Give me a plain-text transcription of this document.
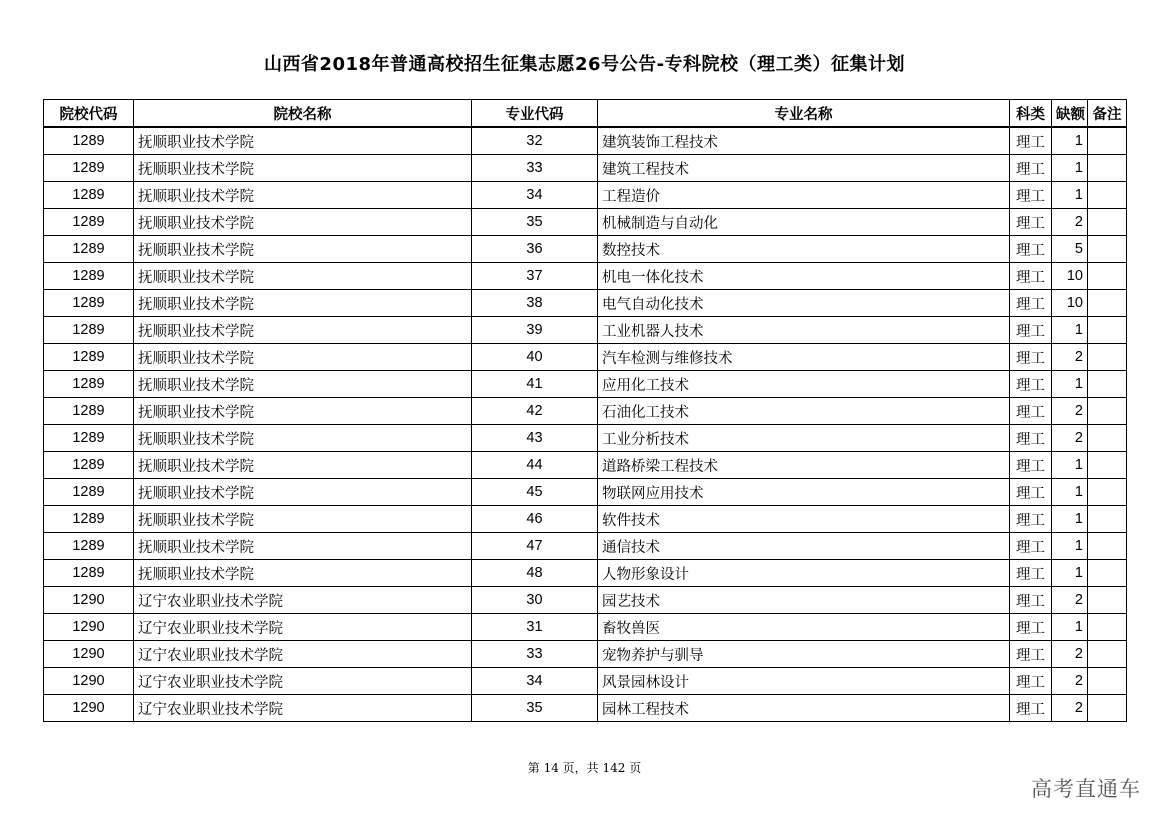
山西省2018年普通高校招生征集志愿26号公告-专科院校（理工类）征集计划
院校代码	院校名称	专业代码	专业名称	科类	缺额	备注
1289	抚顺职业技术学院	32	建筑装饰工程技术	理工	1	
1289	抚顺职业技术学院	33	建筑工程技术	理工	1	
1289	抚顺职业技术学院	34	工程造价	理工	1	
1289	抚顺职业技术学院	35	机械制造与自动化	理工	2	
1289	抚顺职业技术学院	36	数控技术	理工	5	
1289	抚顺职业技术学院	37	机电一体化技术	理工	10	
1289	抚顺职业技术学院	38	电气自动化技术	理工	10	
1289	抚顺职业技术学院	39	工业机器人技术	理工	1	
1289	抚顺职业技术学院	40	汽车检测与维修技术	理工	2	
1289	抚顺职业技术学院	41	应用化工技术	理工	1	
1289	抚顺职业技术学院	42	石油化工技术	理工	2	
1289	抚顺职业技术学院	43	工业分析技术	理工	2	
1289	抚顺职业技术学院	44	道路桥梁工程技术	理工	1	
1289	抚顺职业技术学院	45	物联网应用技术	理工	1	
1289	抚顺职业技术学院	46	软件技术	理工	1	
1289	抚顺职业技术学院	47	通信技术	理工	1	
1289	抚顺职业技术学院	48	人物形象设计	理工	1	
1290	辽宁农业职业技术学院	30	园艺技术	理工	2	
1290	辽宁农业职业技术学院	31	畜牧兽医	理工	1	
1290	辽宁农业职业技术学院	33	宠物养护与驯导	理工	2	
1290	辽宁农业职业技术学院	34	风景园林设计	理工	2	
1290	辽宁农业职业技术学院	35	园林工程技术	理工	2	
第 14 页，共 142 页
高考直通车
